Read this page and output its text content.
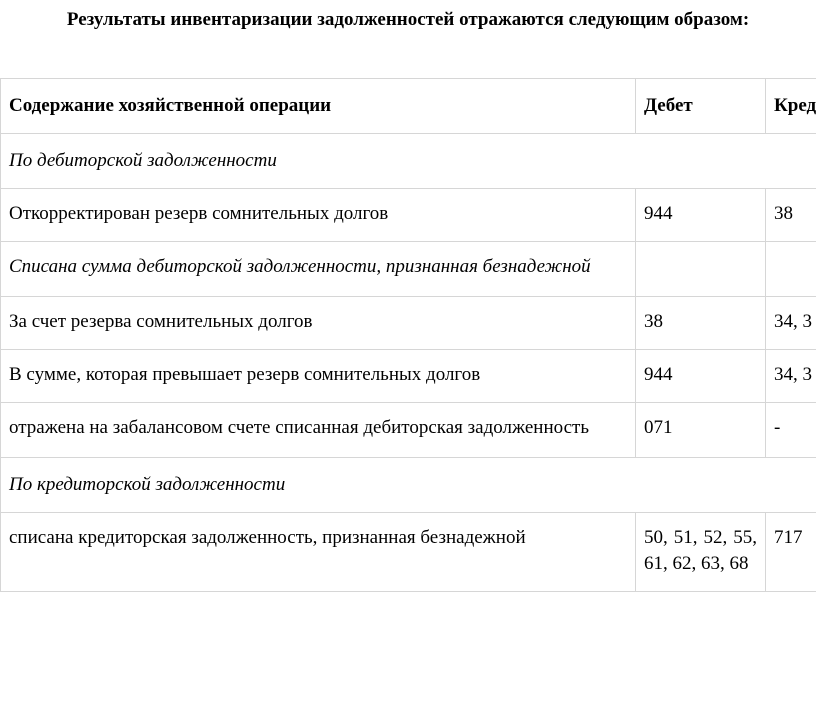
Результаты инвентаризации задолженностей отражаются следующим образом:
Содержание хозяйственной операции	Дебет	Кред
По дебиторской задолженности		
Откорректирован резерв сомнительных долгов	944	38
Списана сумма дебиторской задолженности, признанная безнадежной		
За счет резерва сомнительных долгов	38	34, 3
В сумме, которая превышает резерв сомнительных долгов	944	34, 3
отражена на забалансовом счете списанная дебиторская задолженность	071	-
По кредиторской задолженности		
списана кредиторская задолженность, признанная безнадежной	50, 51, 52, 55, 61, 62, 63, 68	717
